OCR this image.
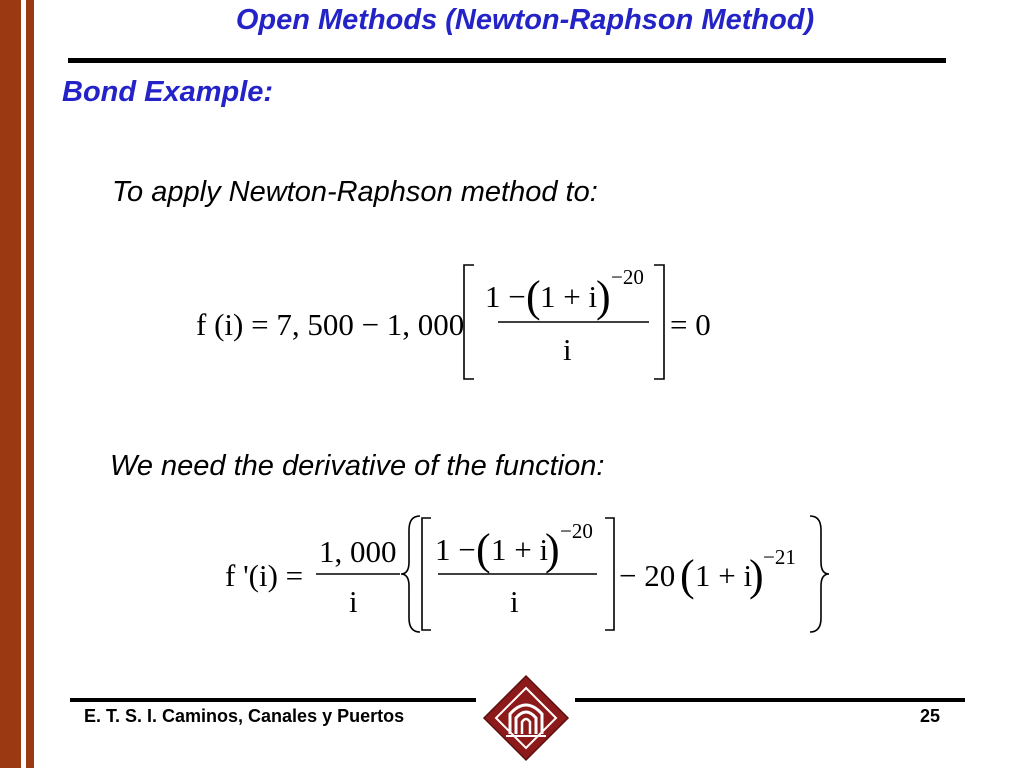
Open Methods (Newton-Raphson Method)
Bond Example:
To apply Newton-Raphson method to:
f (i) = 7, 500 − 1, 000
1 − ( 1 + i
) −20
i
= 0
We need the derivative of the function:
f '(i) =
1, 000
i
1 − ( 1 + i
) −20
i
− 20 ( 1 + i
) −21
E. T. S. I. Caminos, Canales y Puertos	25
